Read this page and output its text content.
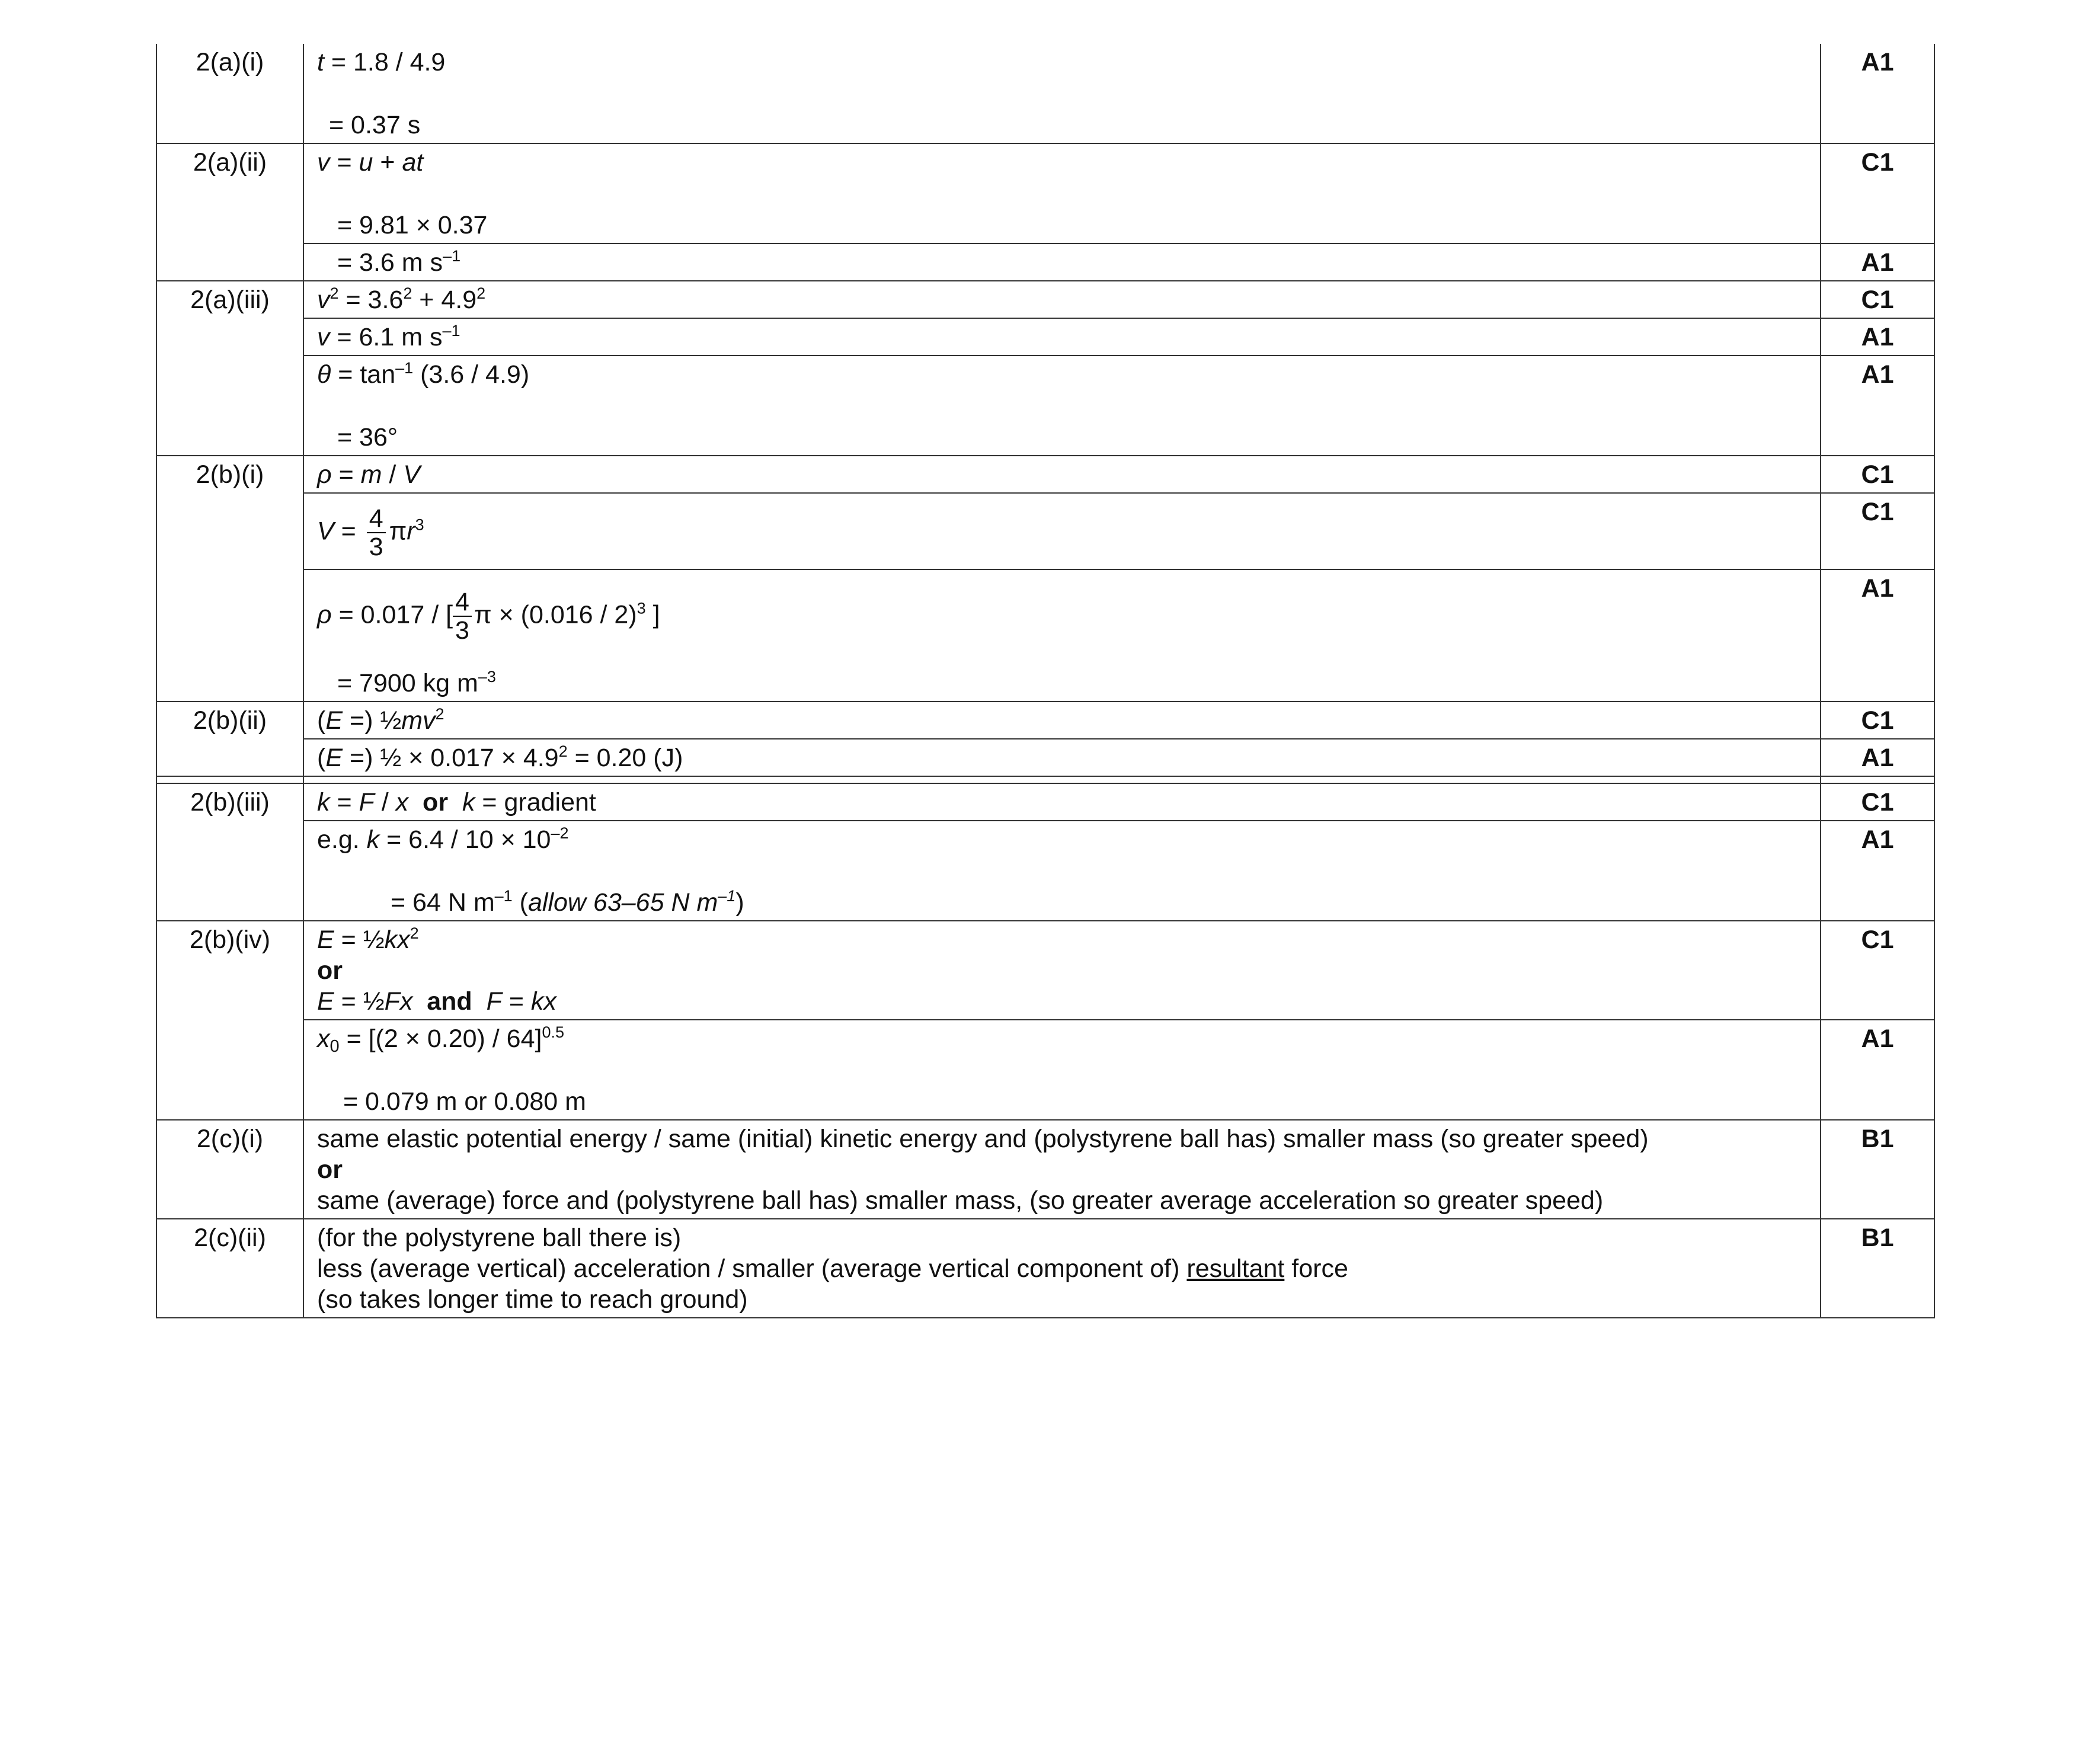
2(a)(i)	t = 1.8 / 4.9
= 0.37 s	A1
2(a)(ii)	v = u + at
= 9.81 × 0.37	C1

	= 3.6 m $s^{-1}$	A1
2(a)(iii)	$v^2 = 3.6^2 + 4.9^2$	C1

	v = 6.1 m $s^{-1}$	A1

	$\theta = \tan^{-1} (3.6 / 4.9)$
= 36°	A1
2(b)(i)	ρ = m / V	C1

	$V = \frac{4}{3} \pi r^3$	C1

	ρ = 0.017 / [ $\frac{4}{3}$ π × (0.016 / 2)$^3$ ]
= 7900 kg $m^{-3}$	A1
2(b)(ii)	(E =) $\frac{1}{2}mv^2$	C1

	(E =) ½ × $0.017 \times 4.9^2 = 0.20$ (J)	A1

2(b)(iii)	k = F / x or k = gradient	C1

	e.g. $k = 6.4 / 10 \times 10^{-2}$
= 64 N $m^{-1}$ (allow 63–65 N $m^{-1}$)	A1
2(b)(iv)	$E = \frac{1}{2}kx^2$
or
E = ½Fx and F = kx	C1

	$x_0 = [(2 \times 0.20) / 64]^{0.5}$
= 0.079 m or 0.080 m	A1
2(c)(i)	same elastic potential energy / same (initial) kinetic energy and (polystyrene ball has) smaller mass (so greater speed)
or
same (average) force and (polystyrene ball has) smaller mass, (so greater average acceleration so greater speed)	B1
2(c)(ii)	(for the polystyrene ball there is)
less (average vertical) acceleration / smaller (average vertical component of) resultant force
(so takes longer time to reach ground)	B1
